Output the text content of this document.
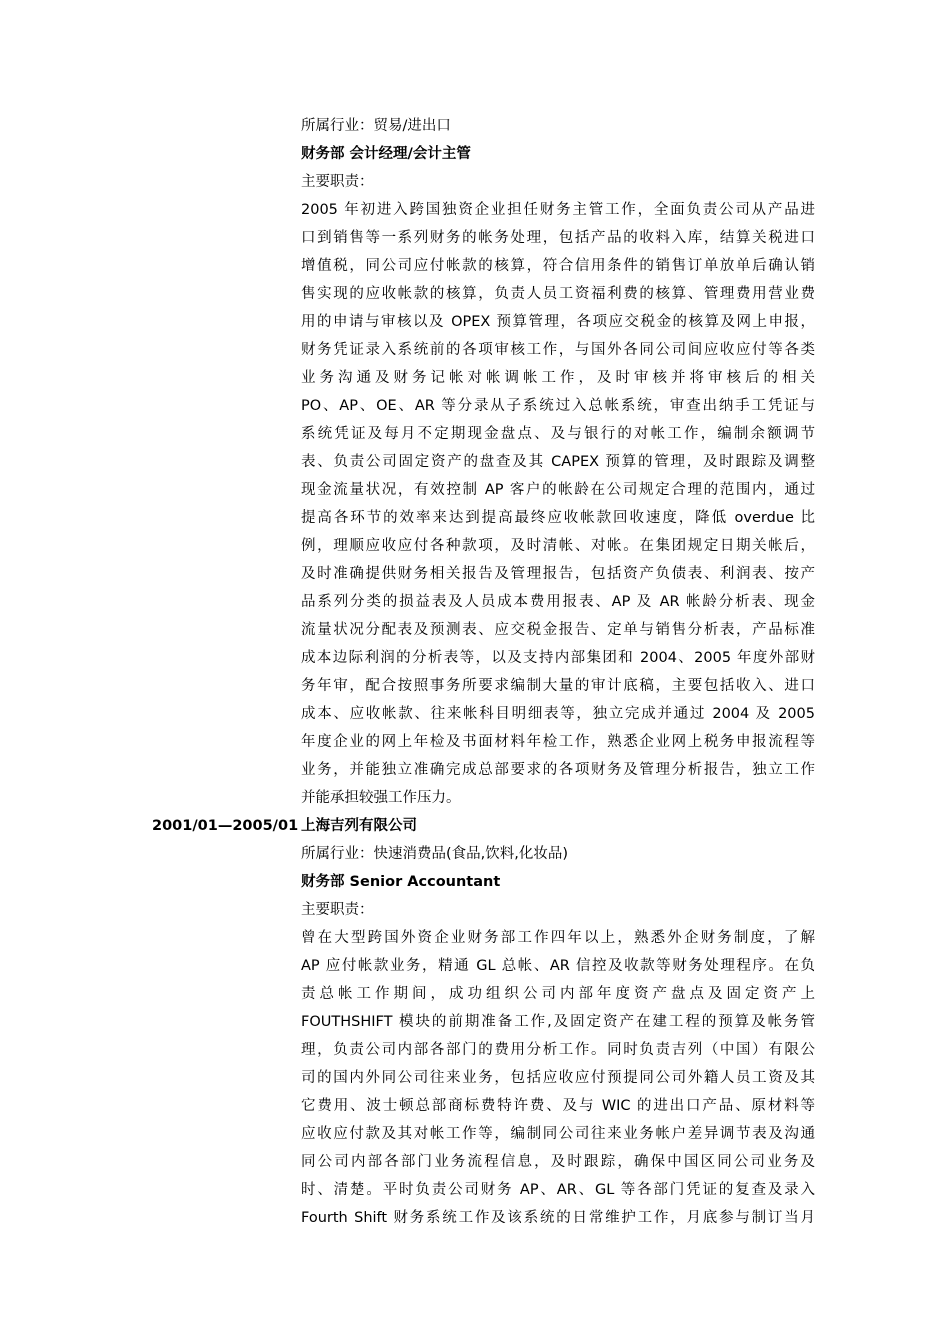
所属行业：贸易/进出口
财务部 会计经理/会计主管
主要职责：
2005 年初进入跨国独资企业担任财务主管工作，全面负责公司从产品进
口到销售等一系列财务的帐务处理，包括产品的收料入库，结算关税进口
增值税，同公司应付帐款的核算，符合信用条件的销售订单放单后确认销
售实现的应收帐款的核算，负责人员工资福利费的核算、管理费用营业费
用的申请与审核以及 OPEX 预算管理，各项应交税金的核算及网上申报，
财务凭证录入系统前的各项审核工作，与国外各同公司间应收应付等各类
业务沟通及财务记帐对帐调帐工作，及时审核并将审核后的相关
PO、AP、OE、AR 等分录从子系统过入总帐系统，审查出纳手工凭证与
系统凭证及每月不定期现金盘点、及与银行的对帐工作，编制余额调节
表、负责公司固定资产的盘查及其 CAPEX 预算的管理，及时跟踪及调整
现金流量状况，有效控制 AP 客户的帐龄在公司规定合理的范围内，通过
提高各环节的效率来达到提高最终应收帐款回收速度，降低 overdue 比
例，理顺应收应付各种款项，及时清帐、对帐。在集团规定日期关帐后，
及时准确提供财务相关报告及管理报告，包括资产负债表、利润表、按产
品系列分类的损益表及人员成本费用报表、AP 及 AR 帐龄分析表、现金
流量状况分配表及预测表、应交税金报告、定单与销售分析表，产品标准
成本边际利润的分析表等，以及支持内部集团和 2004、2005 年度外部财
务年审，配合按照事务所要求编制大量的审计底稿，主要包括收入、进口
成本、应收帐款、往来帐科目明细表等，独立完成并通过 2004 及 2005
年度企业的网上年检及书面材料年检工作，熟悉企业网上税务申报流程等
业务，并能独立准确完成总部要求的各项财务及管理分析报告，独立工作
并能承担较强工作压力。
2001/01—2005/01 上海吉列有限公司
所属行业：快速消费品(食品,饮料,化妆品)
财务部 Senior Accountant
主要职责：
曾在大型跨国外资企业财务部工作四年以上，熟悉外企财务制度，了解
AP 应付帐款业务，精通 GL 总帐、AR 信控及收款等财务处理程序。在负
责总帐工作期间，成功组织公司内部年度资产盘点及固定资产上
FOUTHSHIFT 模块的前期准备工作,及固定资产在建工程的预算及帐务管
理，负责公司内部各部门的费用分析工作。同时负责吉列（中国）有限公
司的国内外同公司往来业务，包括应收应付预提同公司外籍人员工资及其
它费用、波士顿总部商标费特许费、及与 WIC 的进出口产品、原材料等
应收应付款及其对帐工作等，编制同公司往来业务帐户差异调节表及沟通
同公司内部各部门业务流程信息，及时跟踪，确保中国区同公司业务及
时、清楚。平时负责公司财务 AP、AR、GL 等各部门凭证的复查及录入
Fourth Shift 财务系统工作及该系统的日常维护工作，月底参与制订当月
